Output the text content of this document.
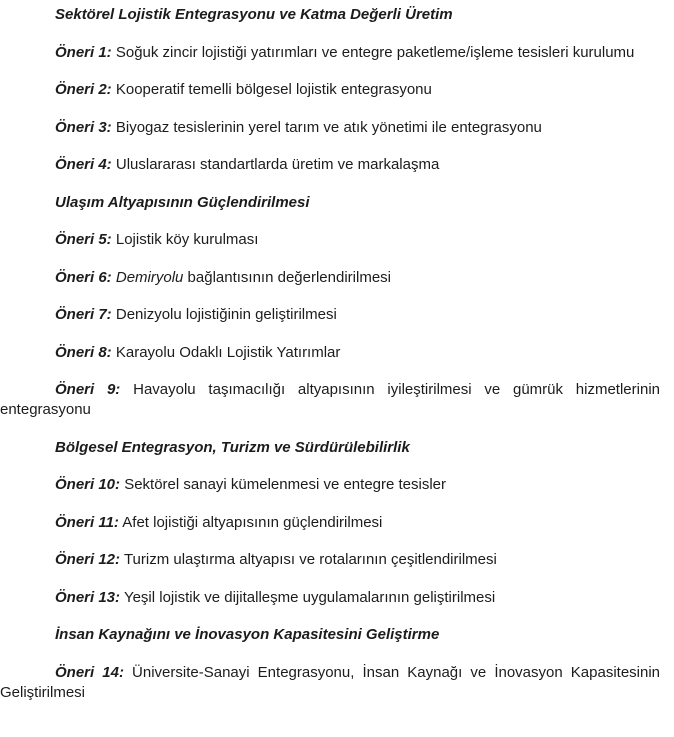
Sektörel Lojistik Entegrasyonu ve Katma Değerli Üretim

Öneri 1: Soğuk zincir lojistiği yatırımları ve entegre paketleme/işleme tesisleri kurulumu

Öneri 2: Kooperatif temelli bölgesel lojistik entegrasyonu

Öneri 3: Biyogaz tesislerinin yerel tarım ve atık yönetimi ile entegrasyonu

Öneri 4: Uluslararası standartlarda üretim ve markalaşma

Ulaşım Altyapısının Güçlendirilmesi

Öneri 5: Lojistik köy kurulması

Öneri 6: Demiryolu bağlantısının değerlendirilmesi

Öneri 7: Denizyolu lojistiğinin geliştirilmesi

Öneri 8: Karayolu Odaklı Lojistik Yatırımlar

Öneri 9: Havayolu taşımacılığı altyapısının iyileştirilmesi ve gümrük hizmetlerinin entegrasyonu

Bölgesel Entegrasyon, Turizm ve Sürdürülebilirlik

Öneri 10: Sektörel sanayi kümelenmesi ve entegre tesisler

Öneri 11: Afet lojistiği altyapısının güçlendirilmesi

Öneri 12: Turizm ulaştırma altyapısı ve rotalarının çeşitlendirilmesi

Öneri 13: Yeşil lojistik ve dijitalleşme uygulamalarının geliştirilmesi

İnsan Kaynağını ve İnovasyon Kapasitesini Geliştirme

Öneri 14: Üniversite-Sanayi Entegrasyonu, İnsan Kaynağı ve İnovasyon Kapasitesinin Geliştirilmesi
